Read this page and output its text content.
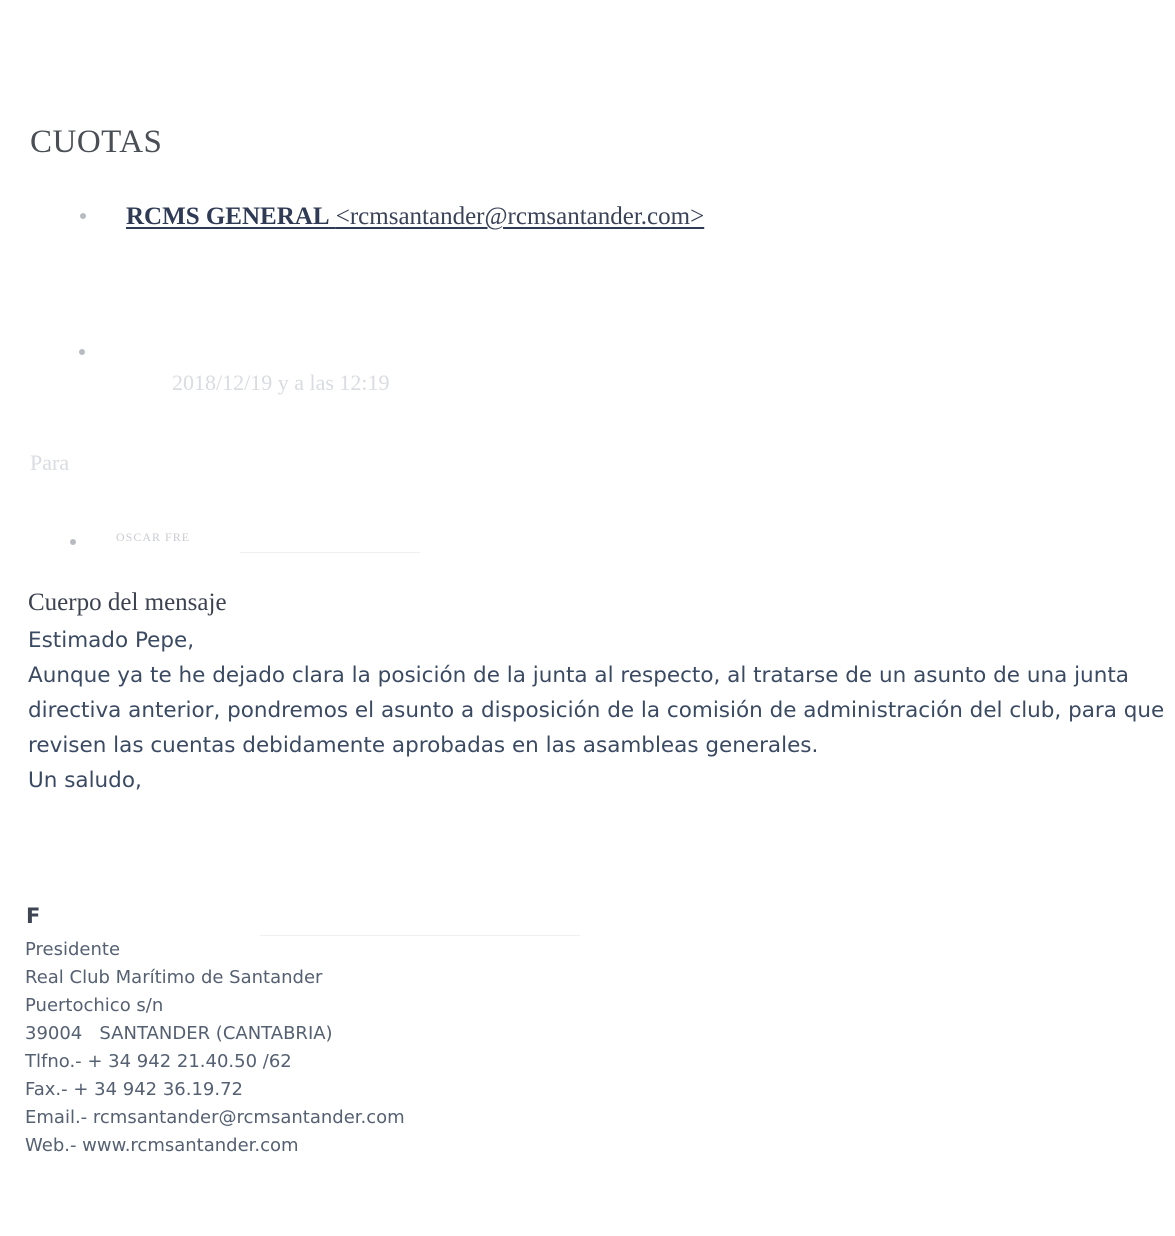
CUOTAS
RCMS GENERAL <rcmsantander@rcmsantander.com>
2018/12/19 y a las 12:19
Para
OSCAR FRE
Cuerpo del mensaje

Estimado Pepe,

Aunque ya te he dejado clara la posición de la junta al respecto, al tratarse de un asunto de una junta directiva anterior, pondremos el asunto a disposición de la comisión de administración del club, para que revisen las cuentas debidamente aprobadas en las asambleas generales.

Un saludo,

F
Presidente
Real Club Marítimo de Santander
Puertochico s/n
39004   SANTANDER (CANTABRIA)
Tlfno.- + 34 942 21.40.50 /62
Fax.- + 34 942 36.19.72
Email.- rcmsantander@rcmsantander.com
Web.- www.rcmsantander.com
